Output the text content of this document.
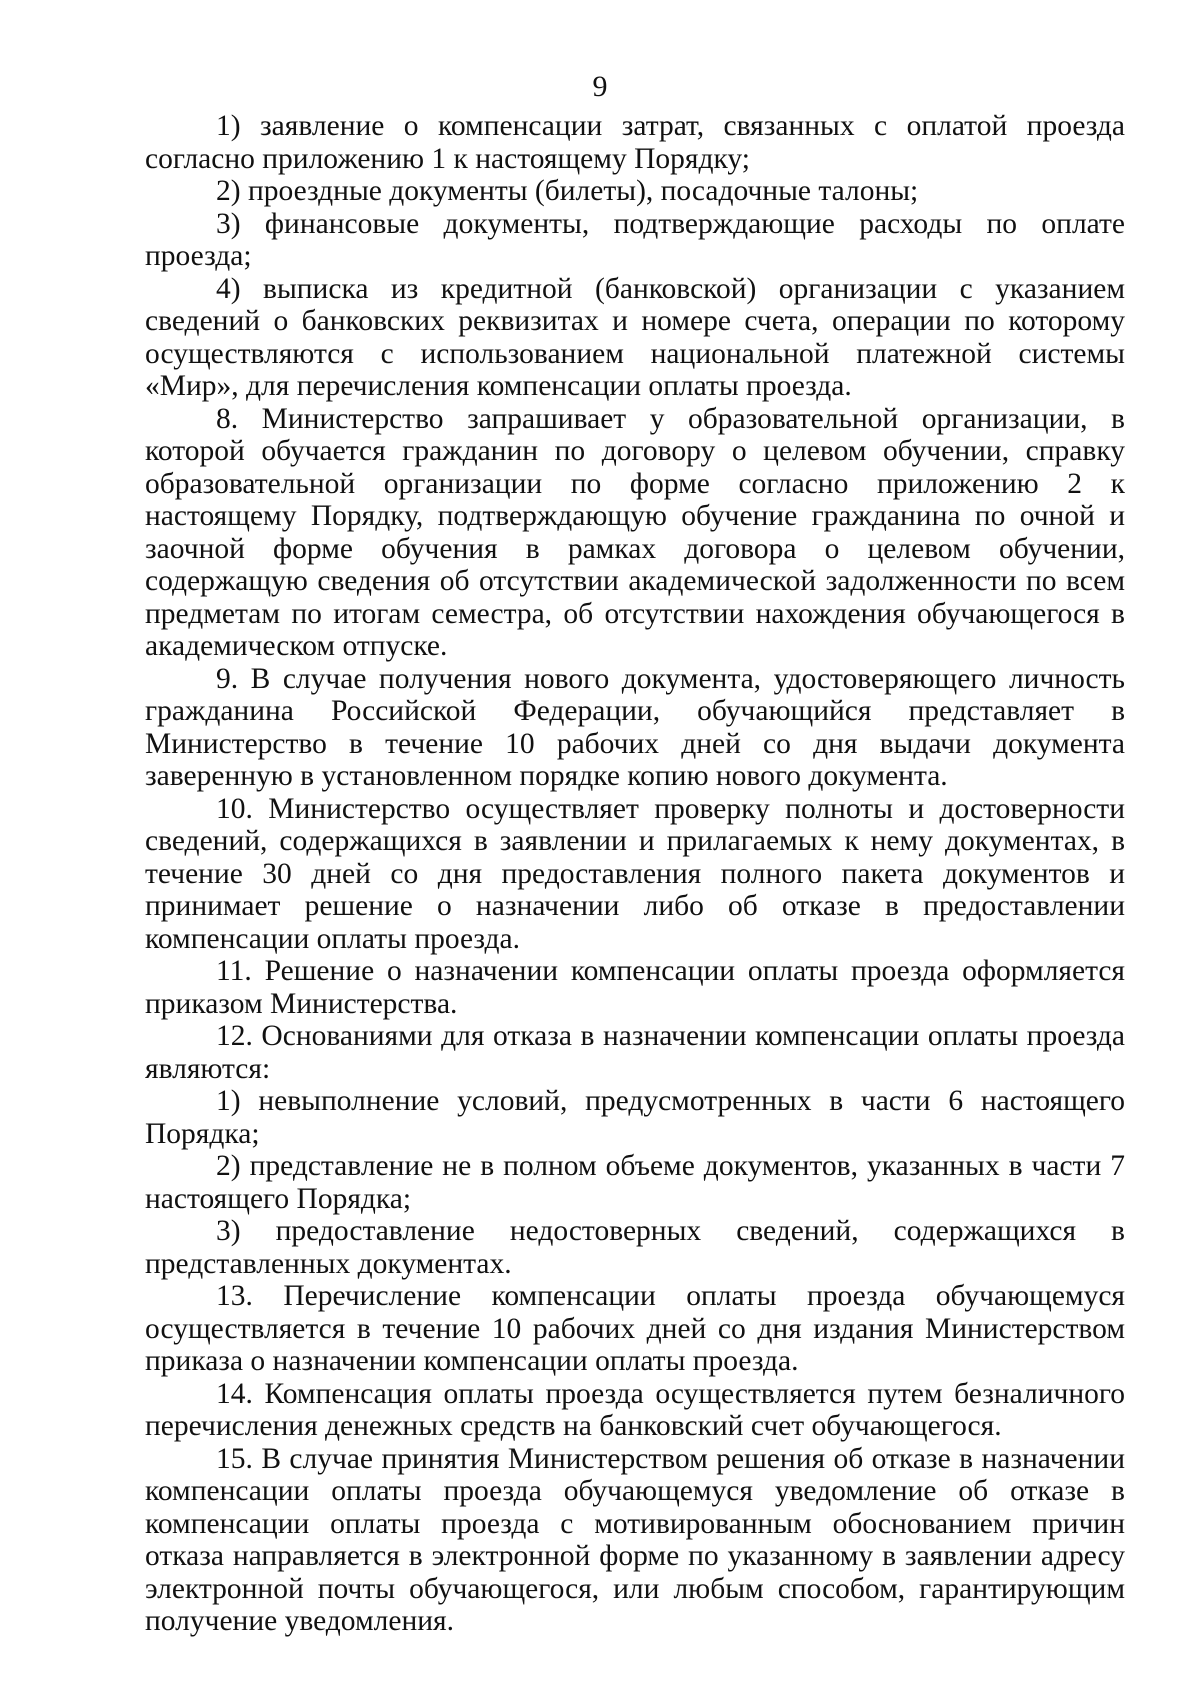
9

1) заявление о компенсации затрат, связанных с оплатой проезда согласно приложению 1 к настоящему Порядку;

2) проездные документы (билеты), посадочные талоны;

3) финансовые документы, подтверждающие расходы по оплате проезда;

4) выписка из кредитной (банковской) организации с указанием сведений о банковских реквизитах и номере счета, операции по которому осуществляются с использованием национальной платежной системы «Мир», для перечисления компенсации оплаты проезда.

8. Министерство запрашивает у образовательной организации, в которой обучается гражданин по договору о целевом обучении, справку образовательной организации по форме согласно приложению 2 к настоящему Порядку, подтверждающую обучение гражданина по очной и заочной форме обучения в рамках договора о целевом обучении, содержащую сведения об отсутствии академической задолженности по всем предметам по итогам семестра, об отсутствии нахождения обучающегося в академическом отпуске.

9. В случае получения нового документа, удостоверяющего личность гражданина Российской Федерации, обучающийся представляет в Министерство в течение 10 рабочих дней со дня выдачи документа заверенную в установленном порядке копию нового документа.

10. Министерство осуществляет проверку полноты и достоверности сведений, содержащихся в заявлении и прилагаемых к нему документах, в течение 30 дней со дня предоставления полного пакета документов и принимает решение о назначении либо об отказе в предоставлении компенсации оплаты проезда.

11. Решение о назначении компенсации оплаты проезда оформляется приказом Министерства.

12. Основаниями для отказа в назначении компенсации оплаты проезда являются:

1) невыполнение условий, предусмотренных в части 6 настоящего Порядка;

2) представление не в полном объеме документов, указанных в части 7 настоящего Порядка;

3) предоставление недостоверных сведений, содержащихся в представленных документах.

13. Перечисление компенсации оплаты проезда обучающемуся осуществляется в течение 10 рабочих дней со дня издания Министерством приказа о назначении компенсации оплаты проезда.

14. Компенсация оплаты проезда осуществляется путем безналичного перечисления денежных средств на банковский счет обучающегося.

15. В случае принятия Министерством решения об отказе в назначении компенсации оплаты проезда обучающемуся уведомление об отказе в компенсации оплаты проезда с мотивированным обоснованием причин отказа направляется в электронной форме по указанному в заявлении адресу электронной почты обучающегося, или любым способом, гарантирующим получение уведомления.
